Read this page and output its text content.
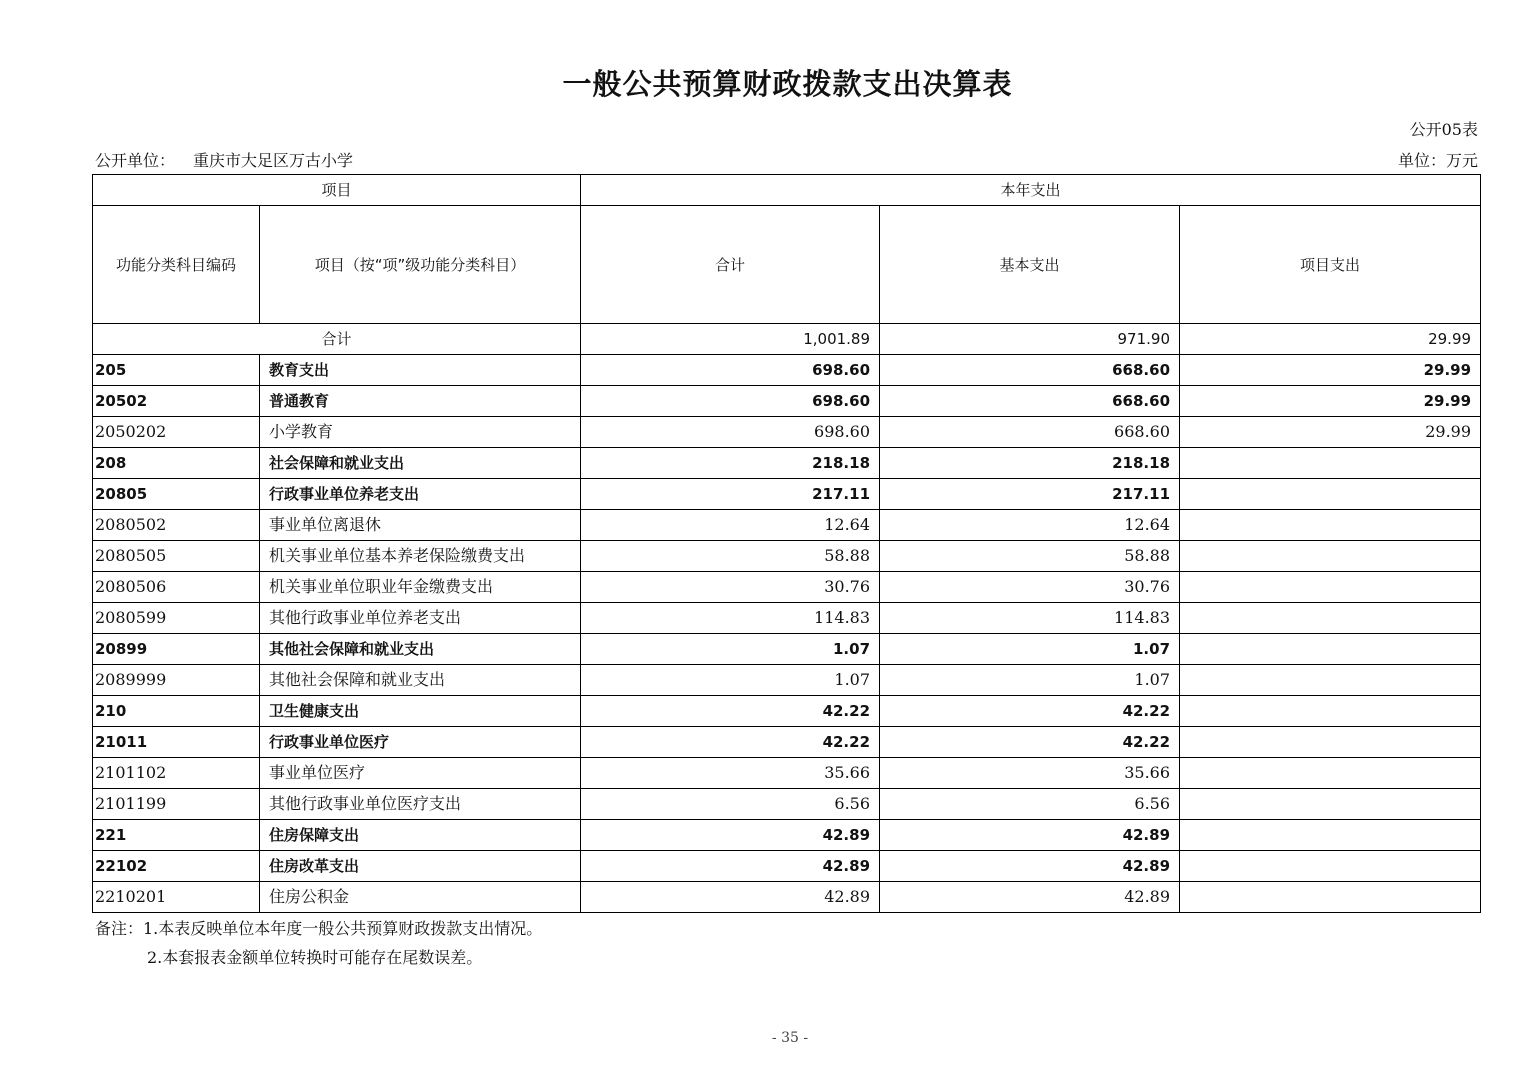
一般公共预算财政拨款支出决算表
公开05表
公开单位： 重庆市大足区万古小学	单位：万元
项目		本年支出		
功能分类科目编码	项目（按“项”级功能分类科目）	合计	基本支出	项目支出
合计		1,001.89	971.90	29.99
205	教育支出	698.60	668.60	29.99
20502	普通教育	698.60	668.60	29.99
2050202	小学教育	698.60	668.60	29.99
208	社会保障和就业支出	218.18	218.18	
20805	行政事业单位养老支出	217.11	217.11	
2080502	事业单位离退休	12.64	12.64	
2080505	机关事业单位基本养老保险缴费支出	58.88	58.88	
2080506	机关事业单位职业年金缴费支出	30.76	30.76	
2080599	其他行政事业单位养老支出	114.83	114.83	
20899	其他社会保障和就业支出	1.07	1.07	
2089999	其他社会保障和就业支出	1.07	1.07	
210	卫生健康支出	42.22	42.22	
21011	行政事业单位医疗	42.22	42.22	
2101102	事业单位医疗	35.66	35.66	
2101199	其他行政事业单位医疗支出	6.56	6.56	
221	住房保障支出	42.89	42.89	
22102	住房改革支出	42.89	42.89	
2210201	住房公积金	42.89	42.89	
备注：1.本表反映单位本年度一般公共预算财政拨款支出情况。
2.本套报表金额单位转换时可能存在尾数误差。
- 35 -
